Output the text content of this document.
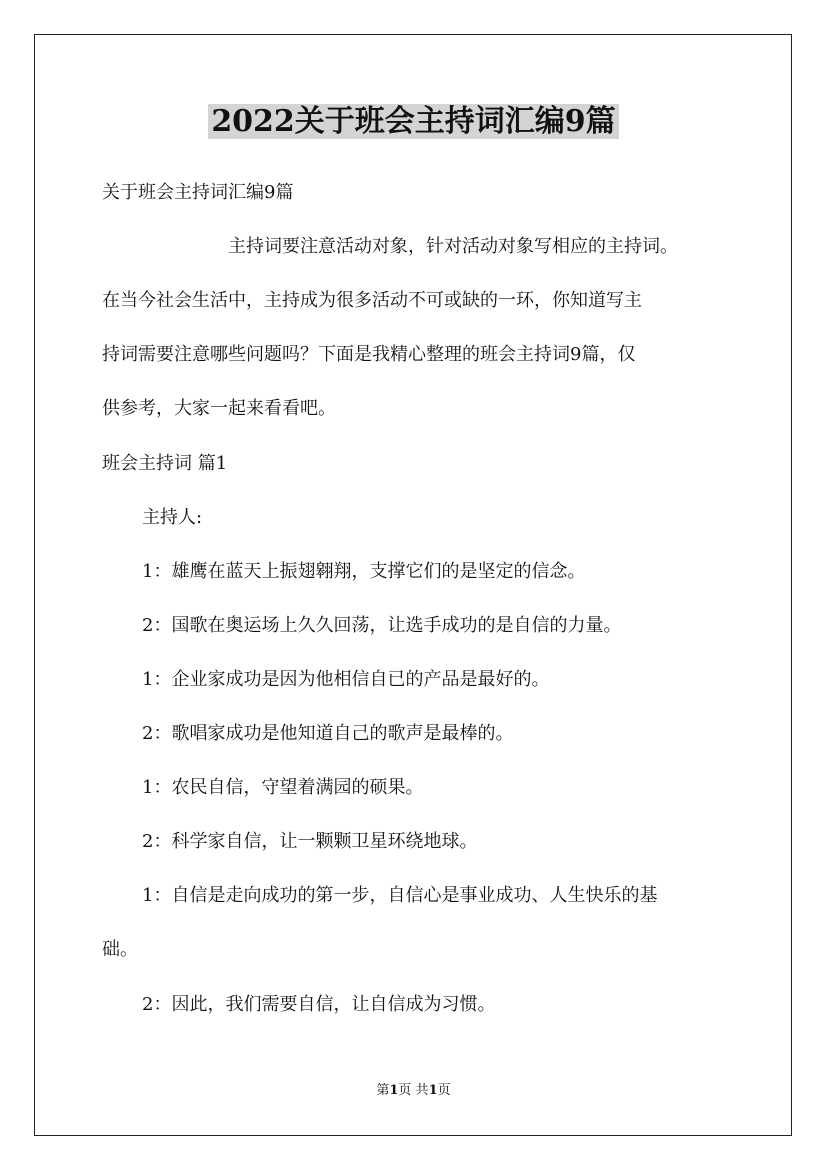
2022关于班会主持词汇编9篇

关于班会主持词汇编9篇

主持词要注意活动对象，针对活动对象写相应的主持词。

在当今社会生活中，主持成为很多活动不可或缺的一环，你知道写主

持词需要注意哪些问题吗？下面是我精心整理的班会主持词9篇，仅

供参考，大家一起来看看吧。

班会主持词 篇1

主持人:

1：雄鹰在蓝天上振翅翱翔，支撑它们的是坚定的信念。

2：国歌在奥运场上久久回荡，让选手成功的是自信的力量。

1：企业家成功是因为他相信自已的产品是最好的。

2：歌唱家成功是他知道自己的歌声是最棒的。

1：农民自信，守望着满园的硕果。

2：科学家自信，让一颗颗卫星环绕地球。

1：自信是走向成功的第一步，自信心是事业成功、人生快乐的基

础。

2：因此，我们需要自信，让自信成为习惯。

第1页 共1页
